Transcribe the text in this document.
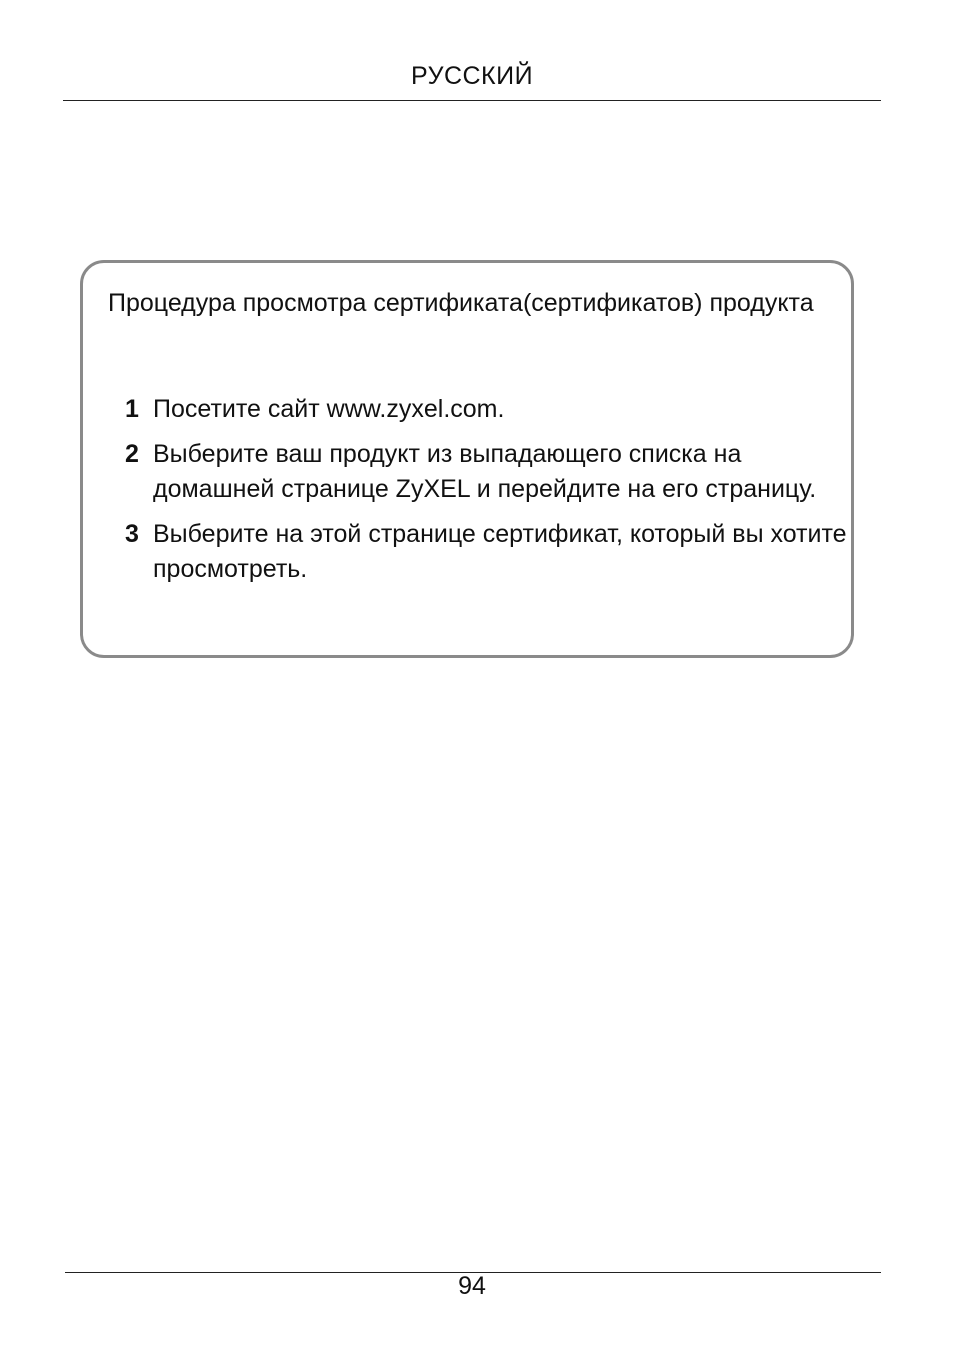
РУССКИЙ
Процедура просмотра сертификата(сертификатов) продукта
1 Посетите сайт www.zyxel.com.
2 Выберите ваш продукт из выпадающего списка на домашней странице ZyXEL и перейдите на его страницу.
3 Выберите на этой странице сертификат, который вы хотите просмотреть.
94
